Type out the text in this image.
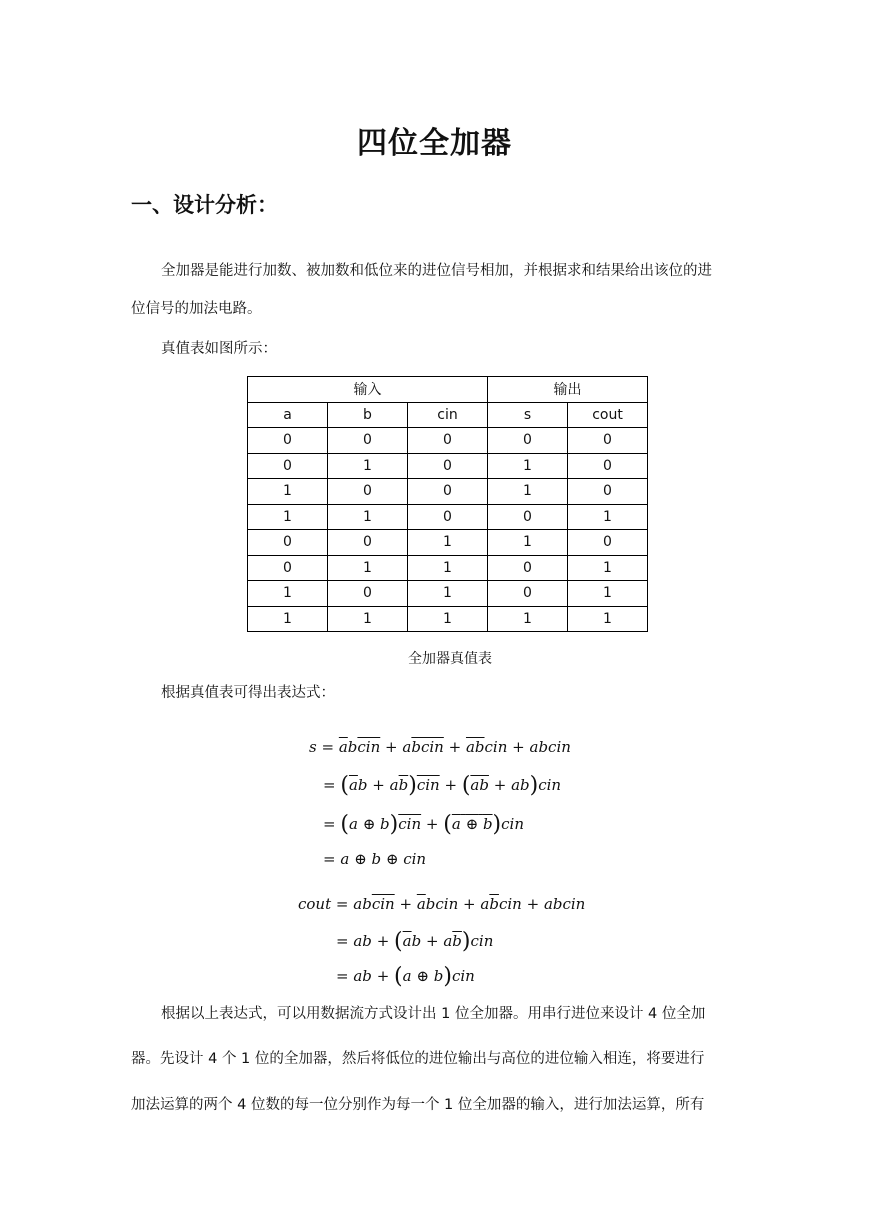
四位全加器
一、设计分析：
全加器是能进行加数、被加数和低位来的进位信号相加，并根据求和结果给出该位的进
位信号的加法电路。
真值表如图所示：
输入			输出	
a	b	cin	s	cout
0	0	0	0	0
0	1	0	1	0
1	0	0	1	0
1	1	0	0	1
0	0	1	1	0
0	1	1	0	1
1	0	1	0	1
1	1	1	1	1
全加器真值表
根据真值表可得出表达式：
$s = \overline{a}b\overline{cin}$ + abcin + $\overline{ab}cin$ + abcin
= $(\overline{a}b + a\overline{b})\overline{cin} + (\overline{ab} + ab)cin$
= (a ⊕ $b)\overline{cin} + (a$ ⊕ b)cin
= a ⊕ b ⊕ cin
cout = $ab\overline{cin}$ + $\overline{a}bcin + a\overline{b}cin$ + abcin
= ab + $(\overline{a}b + a\overline{b})cin$
= ab + (a ⊕ b)cin
根据以上表达式，可以用数据流方式设计出 1 位全加器。用串行进位来设计 4 位全加
器。先设计 4 个 1 位的全加器，然后将低位的进位输出与高位的进位输入相连，将要进行
加法运算的两个 4 位数的每一位分别作为每一个 1 位全加器的输入，进行加法运算，所有
